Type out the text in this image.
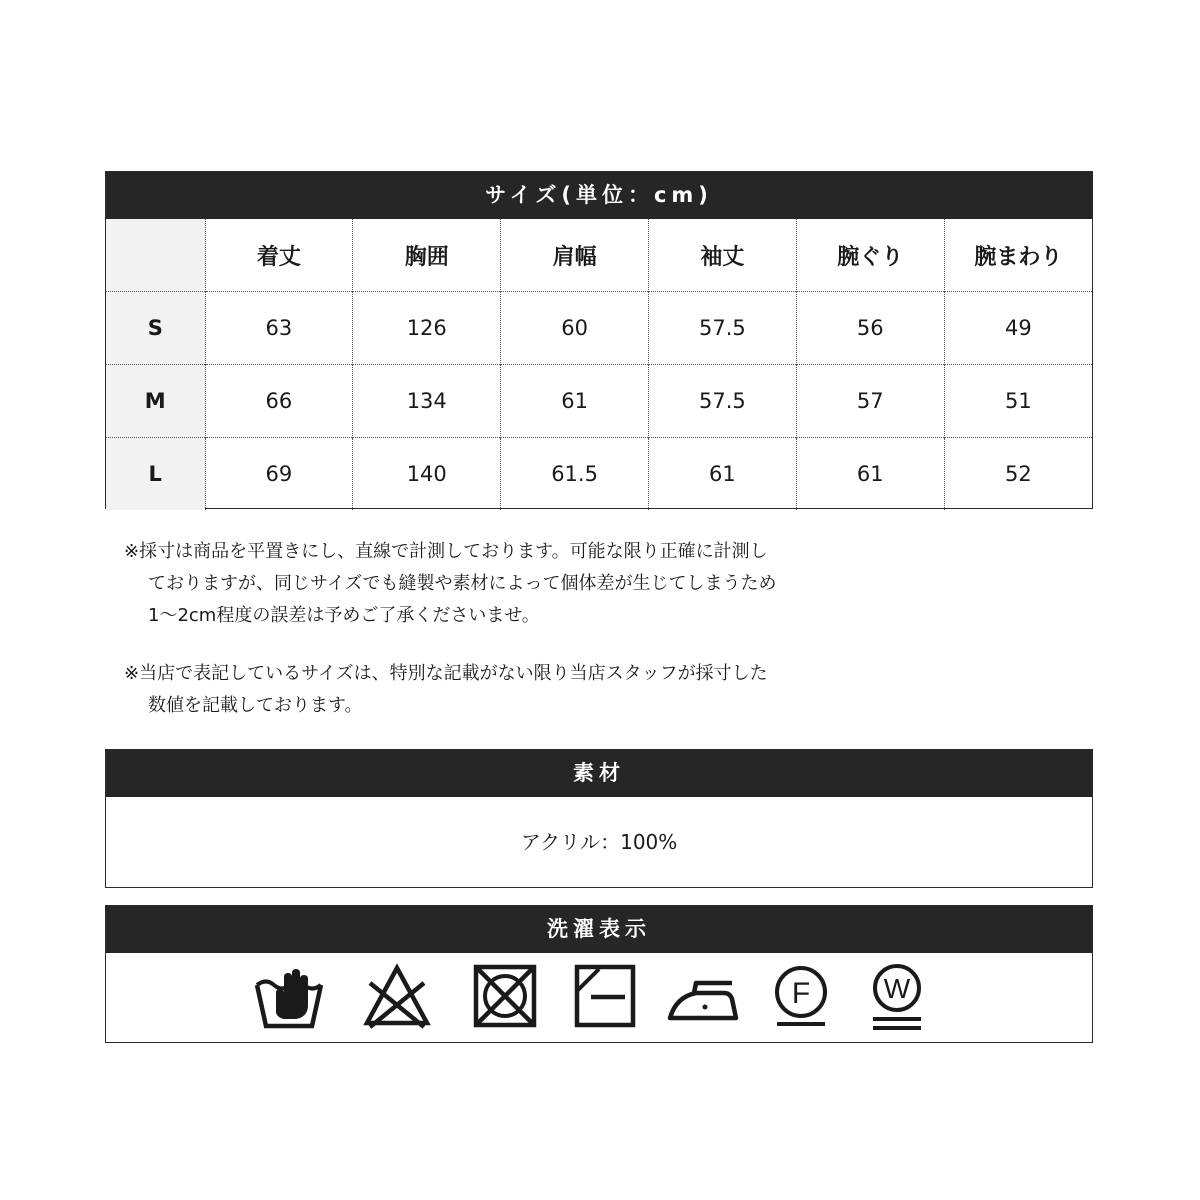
サイズ(単位：cm)
	着丈	胸囲	肩幅	袖丈	腕ぐり	腕まわり
S	63	126	60	57.5	56	49
M	66	134	61	57.5	57	51
L	69	140	61.5	61	61	52
※採寸は商品を平置きにし、直線で計測しております。可能な限り正確に計測し
ておりますが、同じサイズでも縫製や素材によって個体差が生じてしまうため
1〜2cm程度の誤差は予めご了承くださいませ。
※当店で表記しているサイズは、特別な記載がない限り当店スタッフが採寸した
数値を記載しております。
素材
アクリル：100%
洗濯表示
F	W
